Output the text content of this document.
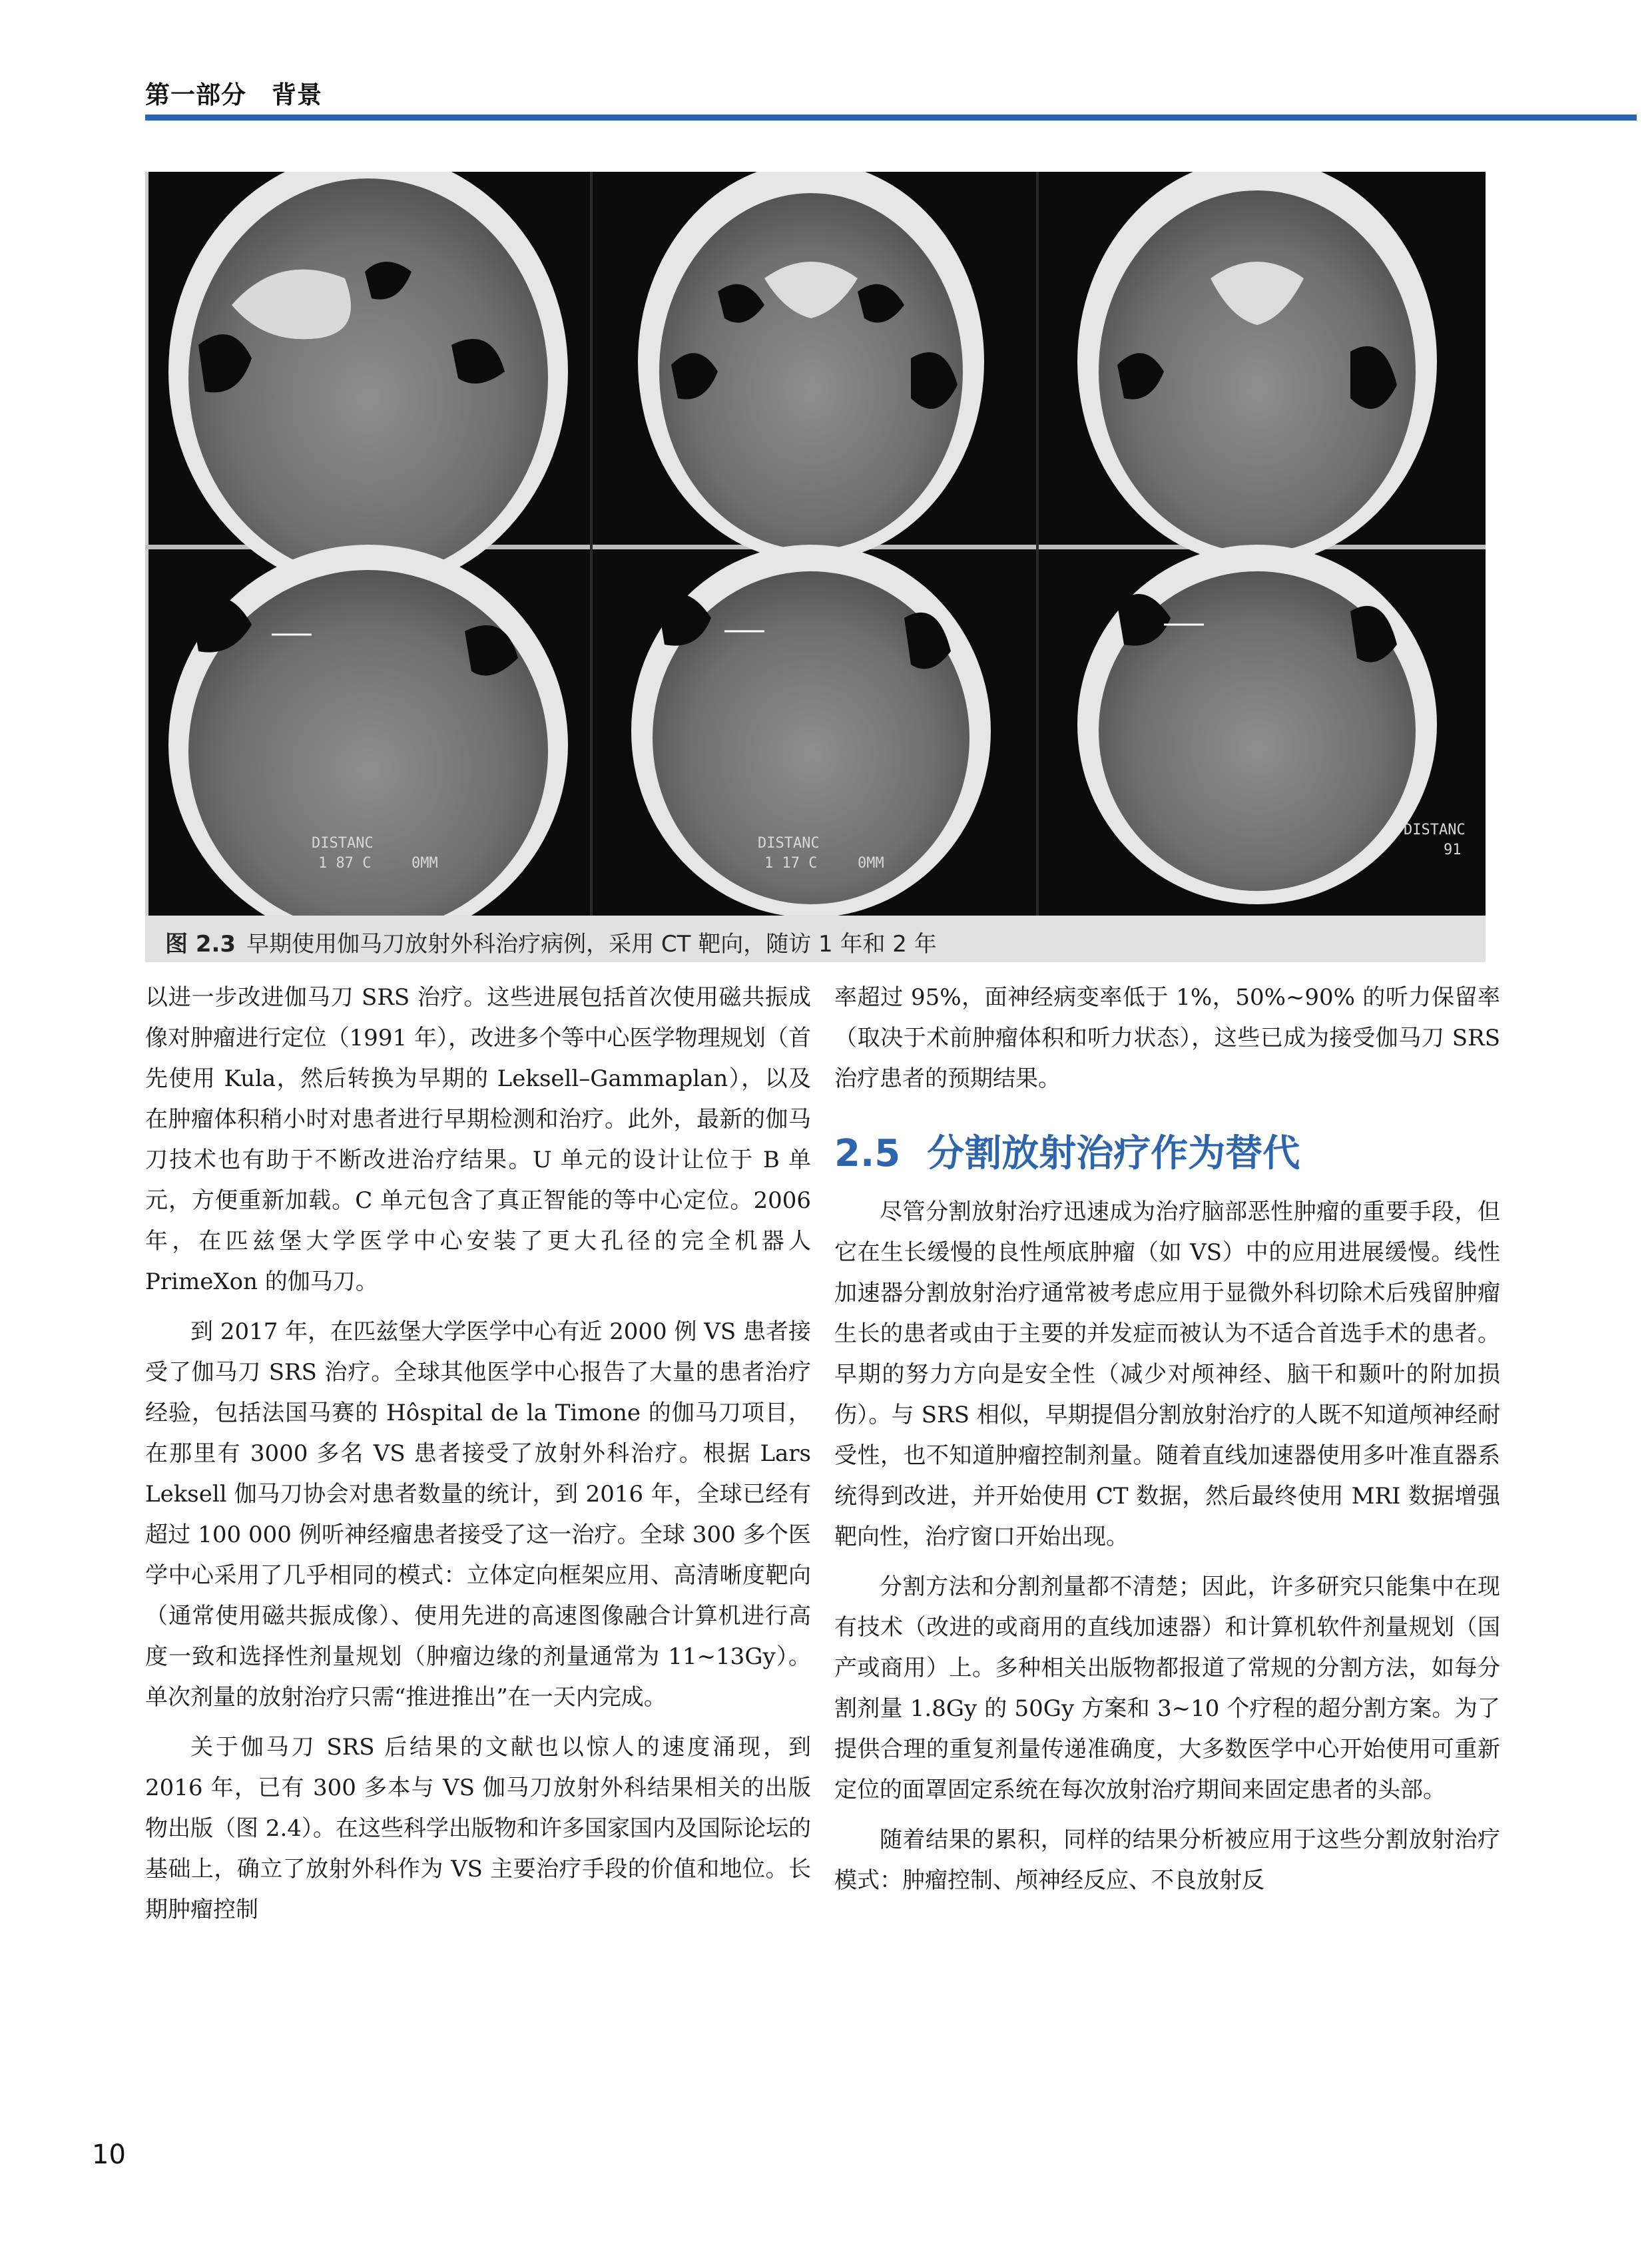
第一部分　背景
DISTANC
1 87 C	0MM
DISTANC
1 17 C	0MM
DISTANC
91
图 2.3 早期使用伽马刀放射外科治疗病例，采用 CT 靶向，随访 1 年和 2 年

以进一步改进伽马刀 SRS 治疗。这些进展包括首次使用磁共振成像对肿瘤进行定位（1991 年），改进多个等中心医学物理规划（首先使用 Kula，然后转换为早期的 Leksell–Gammaplan），以及在肿瘤体积稍小时对患者进行早期检测和治疗。此外，最新的伽马刀技术也有助于不断改进治疗结果。U 单元的设计让位于 B 单元，方便重新加载。C 单元包含了真正智能的等中心定位。2006 年，在匹兹堡大学医学中心安装了更大孔径的完全机器人 PrimeXon 的伽马刀。

到 2017 年，在匹兹堡大学医学中心有近 2000 例 VS 患者接受了伽马刀 SRS 治疗。全球其他医学中心报告了大量的患者治疗经验，包括法国马赛的 Hôspital de la Timone 的伽马刀项目，在那里有 3000 多名 VS 患者接受了放射外科治疗。根据 Lars Leksell 伽马刀协会对患者数量的统计，到 2016 年，全球已经有超过 100 000 例听神经瘤患者接受了这一治疗。全球 300 多个医学中心采用了几乎相同的模式：立体定向框架应用、高清晰度靶向（通常使用磁共振成像）、使用先进的高速图像融合计算机进行高度一致和选择性剂量规划（肿瘤边缘的剂量通常为 11~13Gy）。单次剂量的放射治疗只需“推进推出”在一天内完成。

关于伽马刀 SRS 后结果的文献也以惊人的速度涌现，到 2016 年，已有 300 多本与 VS 伽马刀放射外科结果相关的出版物出版（图 2.4）。在这些科学出版物和许多国家国内及国际论坛的基础上，确立了放射外科作为 VS 主要治疗手段的价值和地位。长期肿瘤控制

率超过 95%，面神经病变率低于 1%，50%~90% 的听力保留率（取决于术前肿瘤体积和听力状态），这些已成为接受伽马刀 SRS 治疗患者的预期结果。

2.5 分割放射治疗作为替代

尽管分割放射治疗迅速成为治疗脑部恶性肿瘤的重要手段，但它在生长缓慢的良性颅底肿瘤（如 VS）中的应用进展缓慢。线性加速器分割放射治疗通常被考虑应用于显微外科切除术后残留肿瘤生长的患者或由于主要的并发症而被认为不适合首选手术的患者。早期的努力方向是安全性（减少对颅神经、脑干和颞叶的附加损伤）。与 SRS 相似，早期提倡分割放射治疗的人既不知道颅神经耐受性，也不知道肿瘤控制剂量。随着直线加速器使用多叶准直器系统得到改进，并开始使用 CT 数据，然后最终使用 MRI 数据增强靶向性，治疗窗口开始出现。

分割方法和分割剂量都不清楚；因此，许多研究只能集中在现有技术（改进的或商用的直线加速器）和计算机软件剂量规划（国产或商用）上。多种相关出版物都报道了常规的分割方法，如每分割剂量 1.8Gy 的 50Gy 方案和 3~10 个疗程的超分割方案。为了提供合理的重复剂量传递准确度，大多数医学中心开始使用可重新定位的面罩固定系统在每次放射治疗期间来固定患者的头部。

随着结果的累积，同样的结果分析被应用于这些分割放射治疗模式：肿瘤控制、颅神经反应、不良放射反

10
